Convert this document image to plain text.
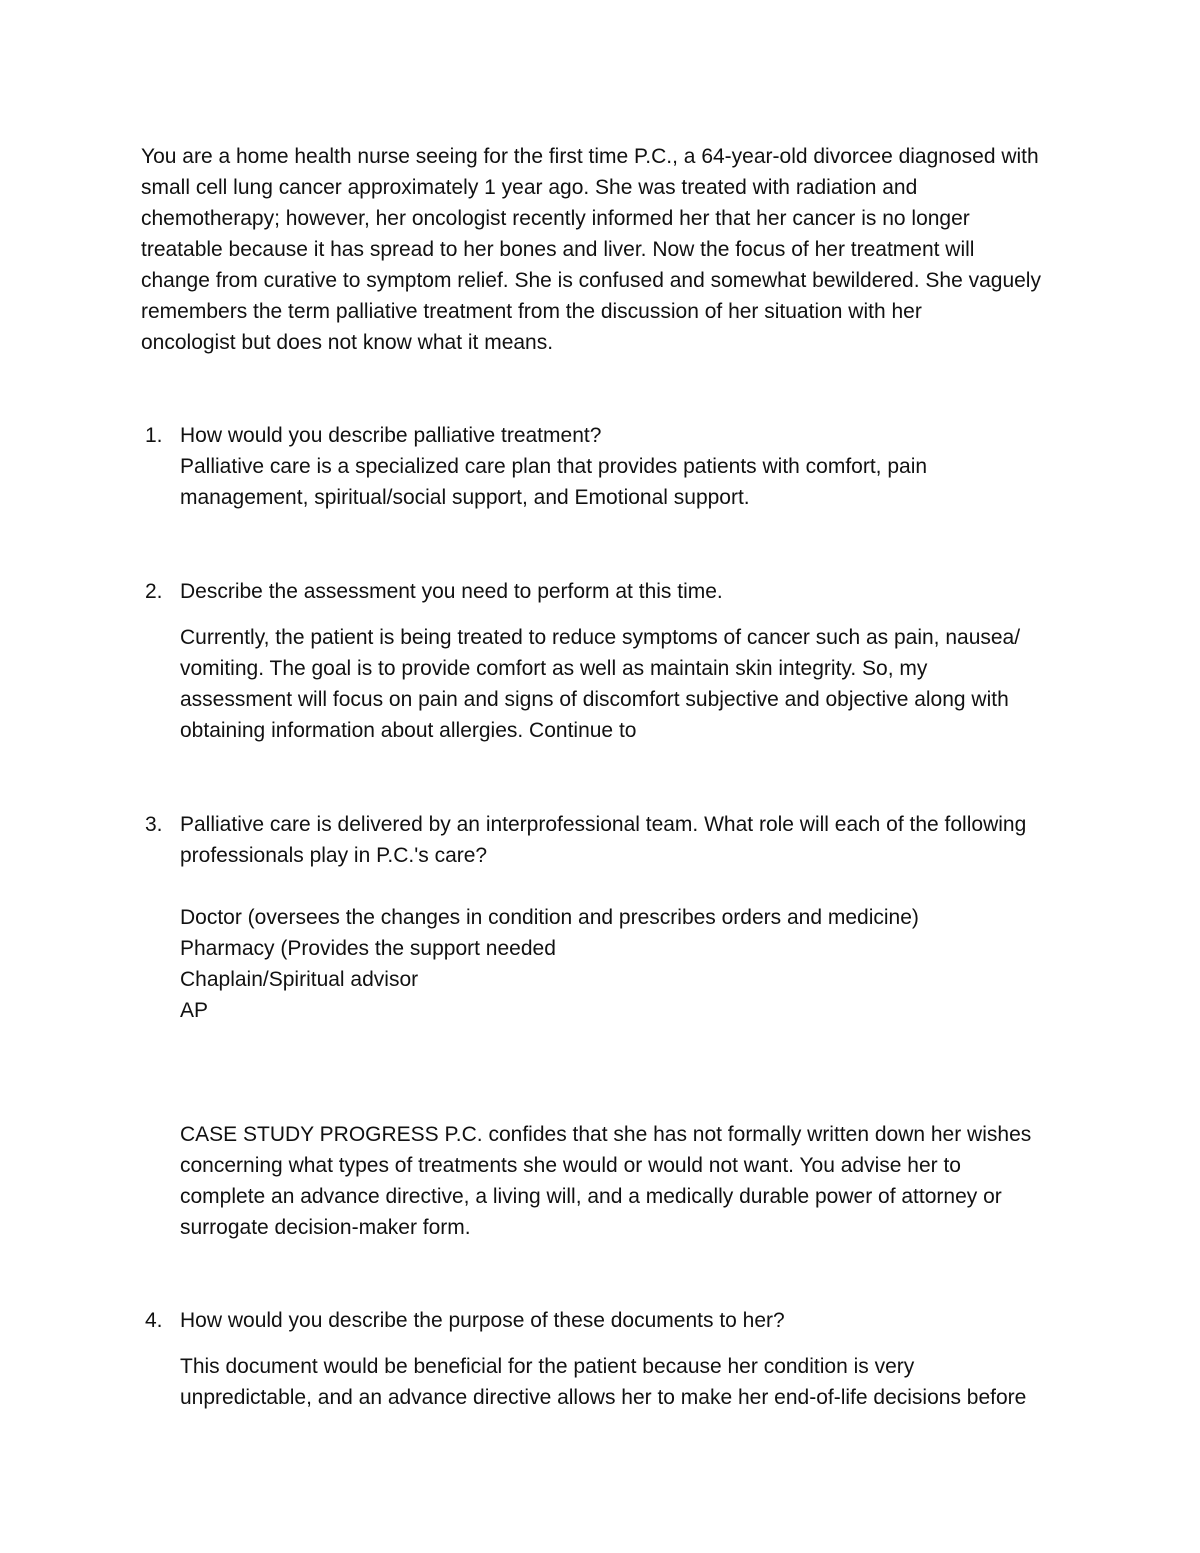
You are a home health nurse seeing for the first time P.C., a 64-year-old divorcee diagnosed with
small cell lung cancer approximately 1 year ago. She was treated with radiation and
chemotherapy; however, her oncologist recently informed her that her cancer is no longer
treatable because it has spread to her bones and liver. Now the focus of her treatment will
change from curative to symptom relief. She is confused and somewhat bewildered. She vaguely
remembers the term palliative treatment from the discussion of her situation with her
oncologist but does not know what it means.
1. How would you describe palliative treatment?
Palliative care is a specialized care plan that provides patients with comfort, pain
management, spiritual/social support, and Emotional support.
2. Describe the assessment you need to perform at this time.
Currently, the patient is being treated to reduce symptoms of cancer such as pain, nausea/
vomiting. The goal is to provide comfort as well as maintain skin integrity. So, my
assessment will focus on pain and signs of discomfort subjective and objective along with
obtaining information about allergies. Continue to
3. Palliative care is delivered by an interprofessional team. What role will each of the following
professionals play in P.C.'s care?
Doctor (oversees the changes in condition and prescribes orders and medicine)
Pharmacy (Provides the support needed
Chaplain/Spiritual advisor
AP
CASE STUDY PROGRESS P.C. confides that she has not formally written down her wishes
concerning what types of treatments she would or would not want. You advise her to
complete an advance directive, a living will, and a medically durable power of attorney or
surrogate decision-maker form.
4. How would you describe the purpose of these documents to her?
This document would be beneficial for the patient because her condition is very
unpredictable, and an advance directive allows her to make her end-of-life decisions before
